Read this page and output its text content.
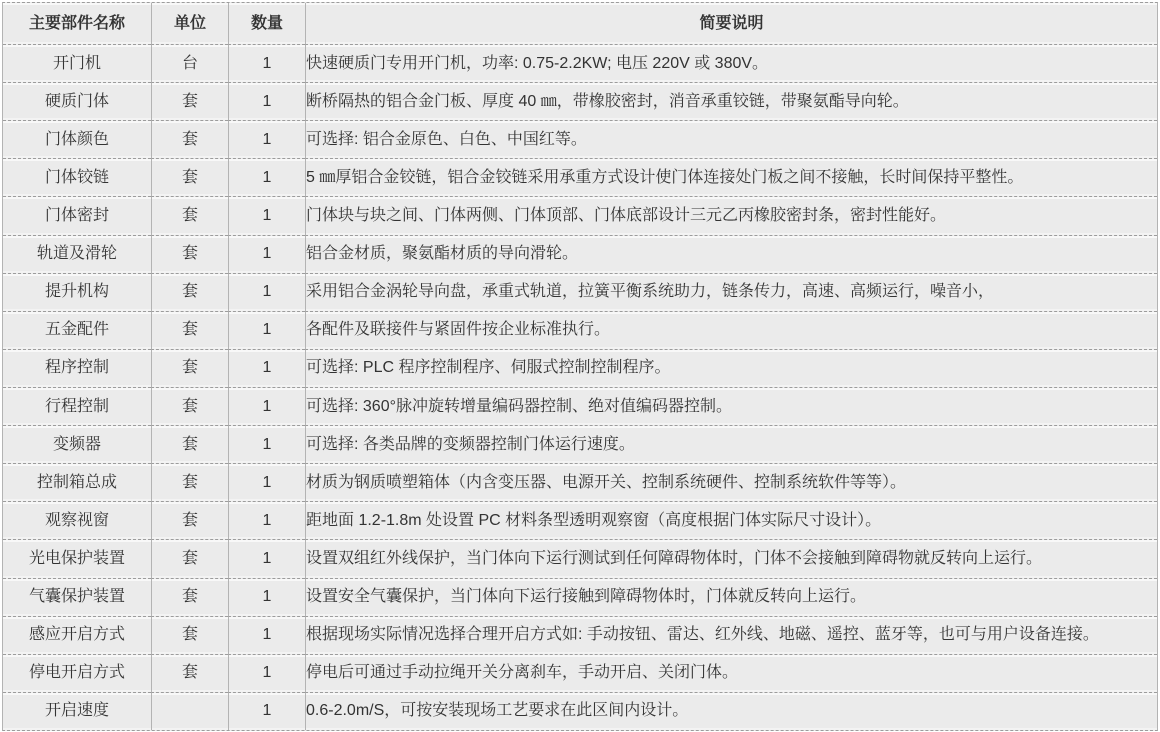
主要部件名称	单位	数量	简要说明
开门机	台	1	快速硬质门专用开门机，功率: 0.75-2.2KW; 电压 220V 或 380V。
硬质门体	套	1	断桥隔热的铝合金门板、厚度 40 ㎜，带橡胶密封，消音承重铰链，带聚氨酯导向轮。
门体颜色	套	1	可选择: 铝合金原色、白色、中国红等。
门体铰链	套	1	5 ㎜厚铝合金铰链，铝合金铰链采用承重方式设计使门体连接处门板之间不接触，长时间保持平整性。
门体密封	套	1	门体块与块之间、门体两侧、门体顶部、门体底部设计三元乙丙橡胶密封条，密封性能好。
轨道及滑轮	套	1	铝合金材质，聚氨酯材质的导向滑轮。
提升机构	套	1	采用铝合金涡轮导向盘，承重式轨道，拉簧平衡系统助力，链条传力，高速、高频运行，噪音小，
五金配件	套	1	各配件及联接件与紧固件按企业标准执行。
程序控制	套	1	可选择: PLC 程序控制程序、伺服式控制控制程序。
行程控制	套	1	可选择: 360°脉冲旋转增量编码器控制、绝对值编码器控制。
变频器	套	1	可选择: 各类品牌的变频器控制门体运行速度。
控制箱总成	套	1	材质为钢质喷塑箱体（内含变压器、电源开关、控制系统硬件、控制系统软件等等）。
观察视窗	套	1	距地面 1.2-1.8m 处设置 PC 材料条型透明观察窗（高度根据门体实际尺寸设计）。
光电保护装置	套	1	设置双组红外线保护，当门体向下运行测试到任何障碍物体时，门体不会接触到障碍物就反转向上运行。
气囊保护装置	套	1	设置安全气囊保护，当门体向下运行接触到障碍物体时，门体就反转向上运行。
感应开启方式	套	1	根据现场实际情况选择合理开启方式如: 手动按钮、雷达、红外线、地磁、遥控、蓝牙等，也可与用户设备连接。
停电开启方式	套	1	停电后可通过手动拉绳开关分离刹车，手动开启、关闭门体。
开启速度		1	0.6-2.0m/S，可按安装现场工艺要求在此区间内设计。
